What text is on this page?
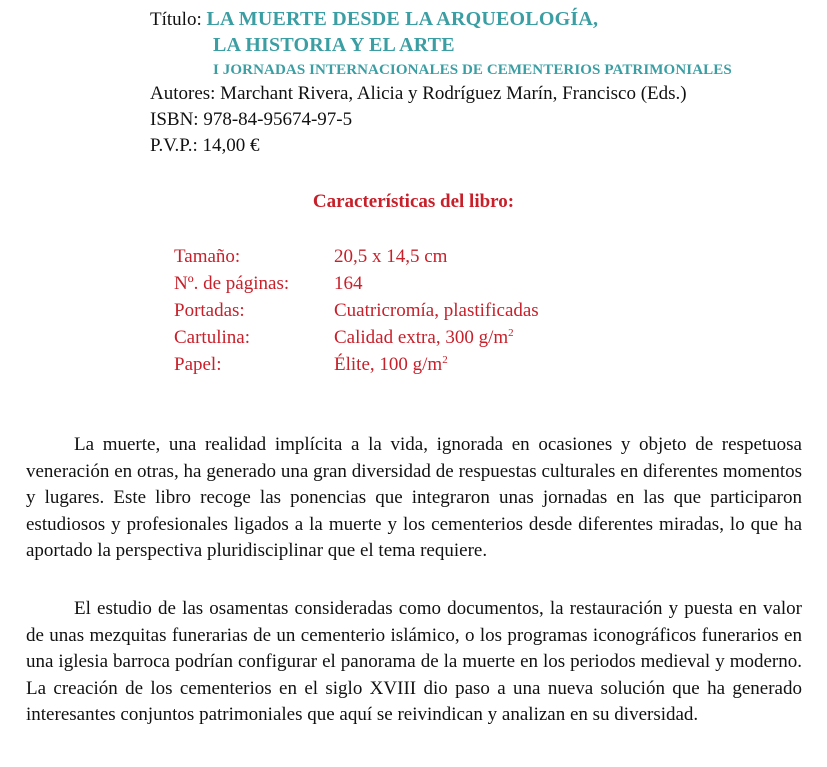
Título: LA MUERTE DESDE LA ARQUEOLOGÍA,
LA HISTORIA Y EL ARTE
I JORNADAS INTERNACIONALES DE CEMENTERIOS PATRIMONIALES
Autores: Marchant Rivera, Alicia y Rodríguez Marín, Francisco (Eds.)
ISBN: 978-84-95674-97-5
P.V.P.: 14,00 €
Características del libro:
Tamaño:	20,5 x 14,5 cm
Nº. de páginas: 164
Portadas:	Cuatricromía, plastificadas
Cartulina:	Calidad extra, 300 $g/m^2$
Papel:	Élite, 100 $g/m^2$

La muerte, una realidad implícita a la vida, ignorada en ocasiones y objeto de respetuosa veneración en otras, ha generado una gran diversidad de respuestas culturales en diferentes momentos y lugares. Este libro recoge las ponencias que integraron unas jornadas en las que participaron estudiosos y profesionales ligados a la muerte y los cementerios desde diferentes miradas, lo que ha aportado la perspectiva pluridisciplinar que el tema requiere.

El estudio de las osamentas consideradas como documentos, la restauración y puesta en valor de unas mezquitas funerarias de un cementerio islámico, o los programas iconográficos funerarios en una iglesia barroca podrían configurar el panorama de la muerte en los periodos medieval y moderno. La creación de los cementerios en el siglo XVIII dio paso a una nueva solución que ha generado interesantes conjuntos patrimoniales que aquí se reivindican y analizan en su diversidad.
